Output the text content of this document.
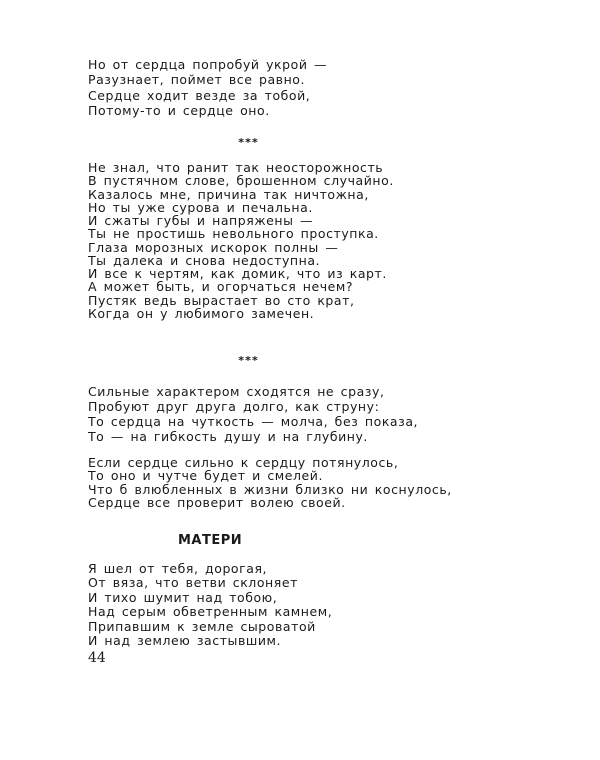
Но от сердца попробуй укрой —
Разузнает, поймет все равно.
Сердце ходит везде за тобой,
Потому-то и сердце оно.
* * *
Не знал, что ранит так неосторожность
В пустячном слове, брошенном случайно.
Казалось мне, причина так ничтожна,
Но ты уже сурова и печальна.
И сжаты губы и напряжены —
Ты не простишь невольного проступка.
Глаза морозных искорок полны —
Ты далека и снова недоступна.
И все к чертям, как домик, что из карт.
А может быть, и огорчаться нечем?
Пустяк ведь вырастает во сто крат,
Когда он у любимого замечен.
* * *
Сильные характером сходятся не сразу,
Пробуют друг друга долго, как струну:
То сердца на чуткость — молча, без показа,
То — на гибкость душу и на глубину.
Если сердце сильно к сердцу потянулось,
То оно и чутче будет и смелей.
Что б влюбленных в жизни близко ни коснулось,
Сердце все проверит волею своей.
МАТЕРИ
Я шел от тебя, дорогая,
От вяза, что ветви склоняет
И тихо шумит над тобою,
Над серым обветренным камнем,
Припавшим к земле сыроватой
И над землею застывшим.
44
